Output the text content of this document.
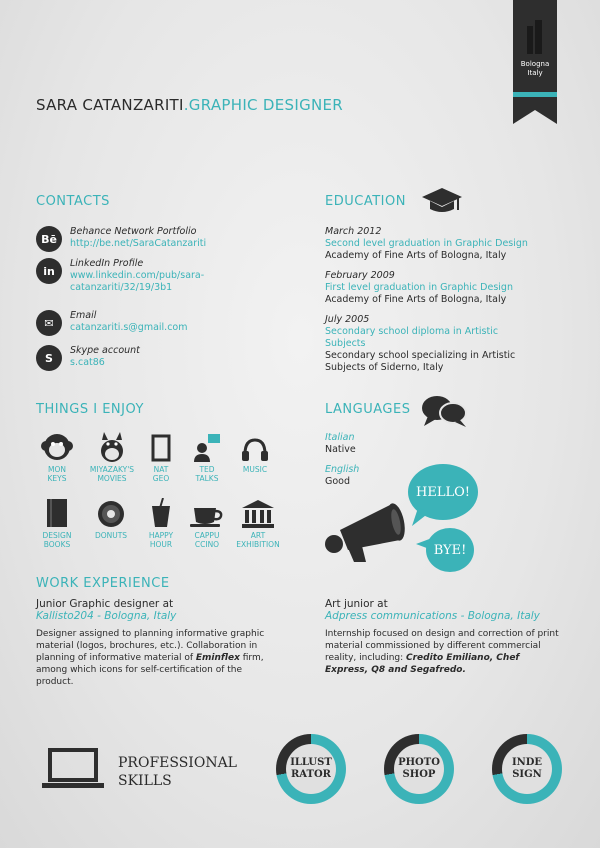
Bologna
Italy
SARA CATANZARITI.GRAPHIC DESIGNER
CONTACTS
Bē
Behance Network Portfolio
http://be.net/SaraCatanzariti
in
LinkedIn Profile
www.linkedin.com/pub/sara-catanzariti/32/19/3b1
✉
Email
catanzariti.s@gmail.com
S
Skype account
s.cat86
EDUCATION
March 2012
Second level graduation in Graphic Design
Academy of Fine Arts of Bologna, Italy
February 2009
First level graduation in Graphic Design
Academy of Fine Arts of Bologna, Italy
July 2005
Secondary school diploma in Artistic Subjects
Secondary school specializing in Artistic Subjects of Siderno, Italy
THINGS I ENJOY
MON
KEYS
MIYAZAKY'S
MOVIES
NAT
GEO
TED
TALKS
MUSIC
DESIGN
BOOKS
DONUTS	HAPPY
HOUR
CAPPU
CCINO
ART
EXHIBITION
LANGUAGES
Italian
Native
English
Good
HELLO!
BYE!
WORK EXPERIENCE
Junior Graphic designer at
Kallisto204 - Bologna, Italy
Designer assigned to planning informative graphic material (logos, brochures, etc.). Collaboration in planning of informative material of Eminflex firm, among which icons for self-certification of the product.
Art junior at
Adpress communications - Bologna, Italy
Internship focused on design and correction of print material commissioned by different commercial reality, including: Credito Emiliano, Chef Express, Q8 and Segafredo.
PROFESSIONAL
SKILLS
ILLUST
RATOR
PHOTO
SHOP
INDE
SIGN
